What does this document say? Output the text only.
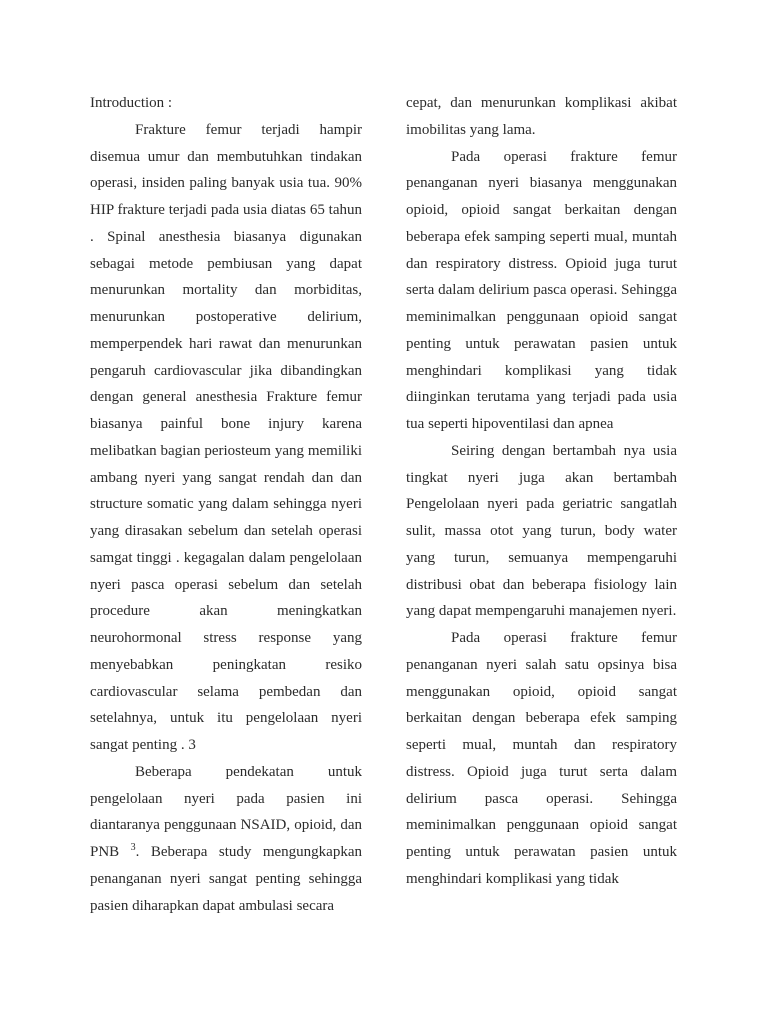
Introduction :

Frakture femur terjadi hampir disemua umur dan membutuhkan tindakan operasi, insiden paling banyak usia tua. 90% HIP frakture terjadi pada usia diatas 65 tahun . Spinal anesthesia biasanya digunakan sebagai metode pembiusan yang dapat menurunkan mortality dan morbiditas, menurunkan postoperative delirium, memperpendek hari rawat dan menurunkan pengaruh cardiovascular jika dibandingkan dengan general anesthesia Frakture femur biasanya painful bone injury karena melibatkan bagian periosteum yang memiliki ambang nyeri yang sangat rendah dan dan structure somatic yang dalam sehingga nyeri yang dirasakan sebelum dan setelah operasi samgat tinggi . kegagalan dalam pengelolaan nyeri pasca operasi sebelum dan setelah procedure akan meningkatkan neurohormonal stress response yang menyebabkan peningkatan resiko cardiovascular selama pembedan dan setelahnya, untuk itu pengelolaan nyeri sangat penting . 3

Beberapa pendekatan untuk pengelolaan nyeri pada pasien ini diantaranya penggunaan NSAID, opioid, dan PNB $^3$. Beberapa study mengungkapkan penanganan nyeri sangat penting sehingga pasien diharapkan dapat ambulasi secara

cepat, dan menurunkan komplikasi akibat imobilitas yang lama.

Pada operasi frakture femur penanganan nyeri biasanya menggunakan opioid, opioid sangat berkaitan dengan beberapa efek samping seperti mual, muntah dan respiratory distress. Opioid juga turut serta dalam delirium pasca operasi. Sehingga meminimalkan penggunaan opioid sangat penting untuk perawatan pasien untuk menghindari komplikasi yang tidak diinginkan terutama yang terjadi pada usia tua seperti hipoventilasi dan apnea

Seiring dengan bertambah nya usia tingkat nyeri juga akan bertambah Pengelolaan nyeri pada geriatric sangatlah sulit, massa otot yang turun, body water yang turun, semuanya mempengaruhi distribusi obat dan beberapa fisiology lain yang dapat mempengaruhi manajemen nyeri.

Pada operasi frakture femur penanganan nyeri salah satu opsinya bisa menggunakan opioid, opioid sangat berkaitan dengan beberapa efek samping seperti mual, muntah dan respiratory distress. Opioid juga turut serta dalam delirium pasca operasi. Sehingga meminimalkan penggunaan opioid sangat penting untuk perawatan pasien untuk menghindari komplikasi yang tidak
